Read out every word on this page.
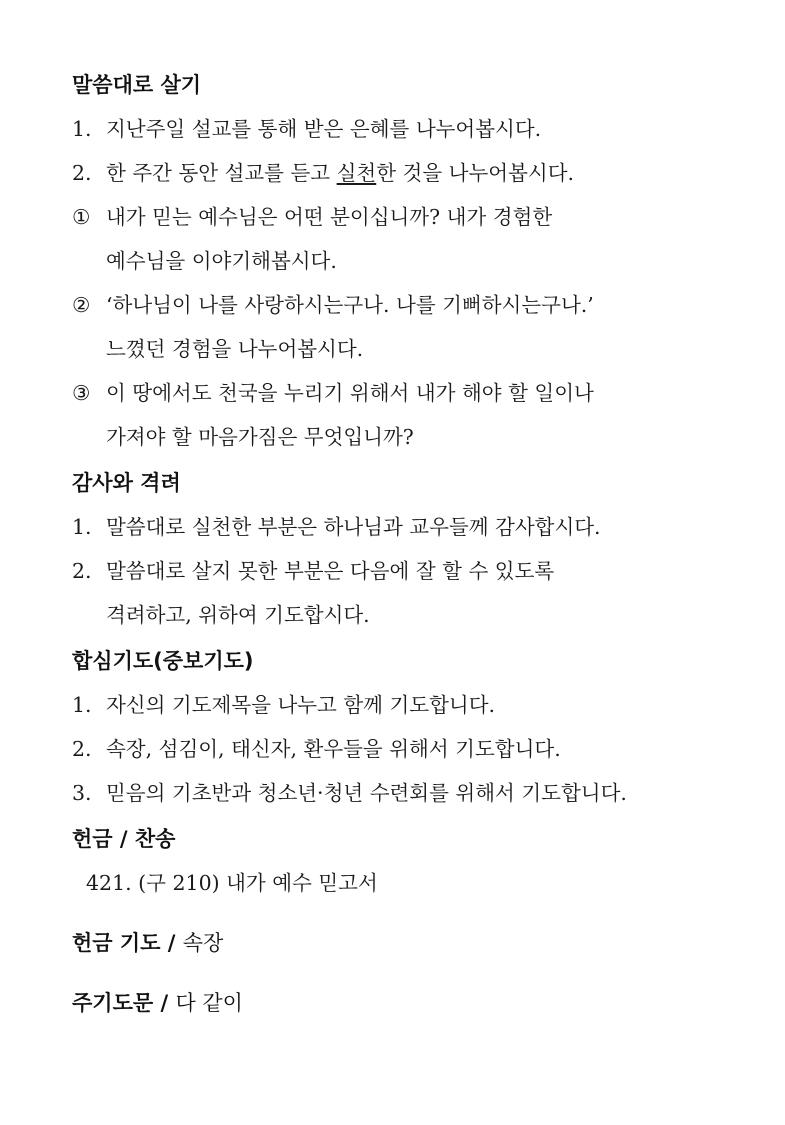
말씀대로 살기
1. 지난주일 설교를 통해 받은 은혜를 나누어봅시다.
2. 한 주간 동안 설교를 듣고 실천한 것을 나누어봅시다.
① 내가 믿는 예수님은 어떤 분이십니까? 내가 경험한
예수님을 이야기해봅시다.
② ‘하나님이 나를 사랑하시는구나. 나를 기뻐하시는구나.’
느꼈던 경험을 나누어봅시다.
③ 이 땅에서도 천국을 누리기 위해서 내가 해야 할 일이나
가져야 할 마음가짐은 무엇입니까?
감사와 격려
1. 말씀대로 실천한 부분은 하나님과 교우들께 감사합시다.
2. 말씀대로 살지 못한 부분은 다음에 잘 할 수 있도록
격려하고, 위하여 기도합시다.
합심기도(중보기도)
1. 자신의 기도제목을 나누고 함께 기도합니다.
2. 속장, 섬김이, 태신자, 환우들을 위해서 기도합니다.
3. 믿음의 기초반과 청소년·청년 수련회를 위해서 기도합니다.
헌금 / 찬송
421. (구 210) 내가 예수 믿고서
헌금 기도 / 속장
주기도문 / 다 같이
